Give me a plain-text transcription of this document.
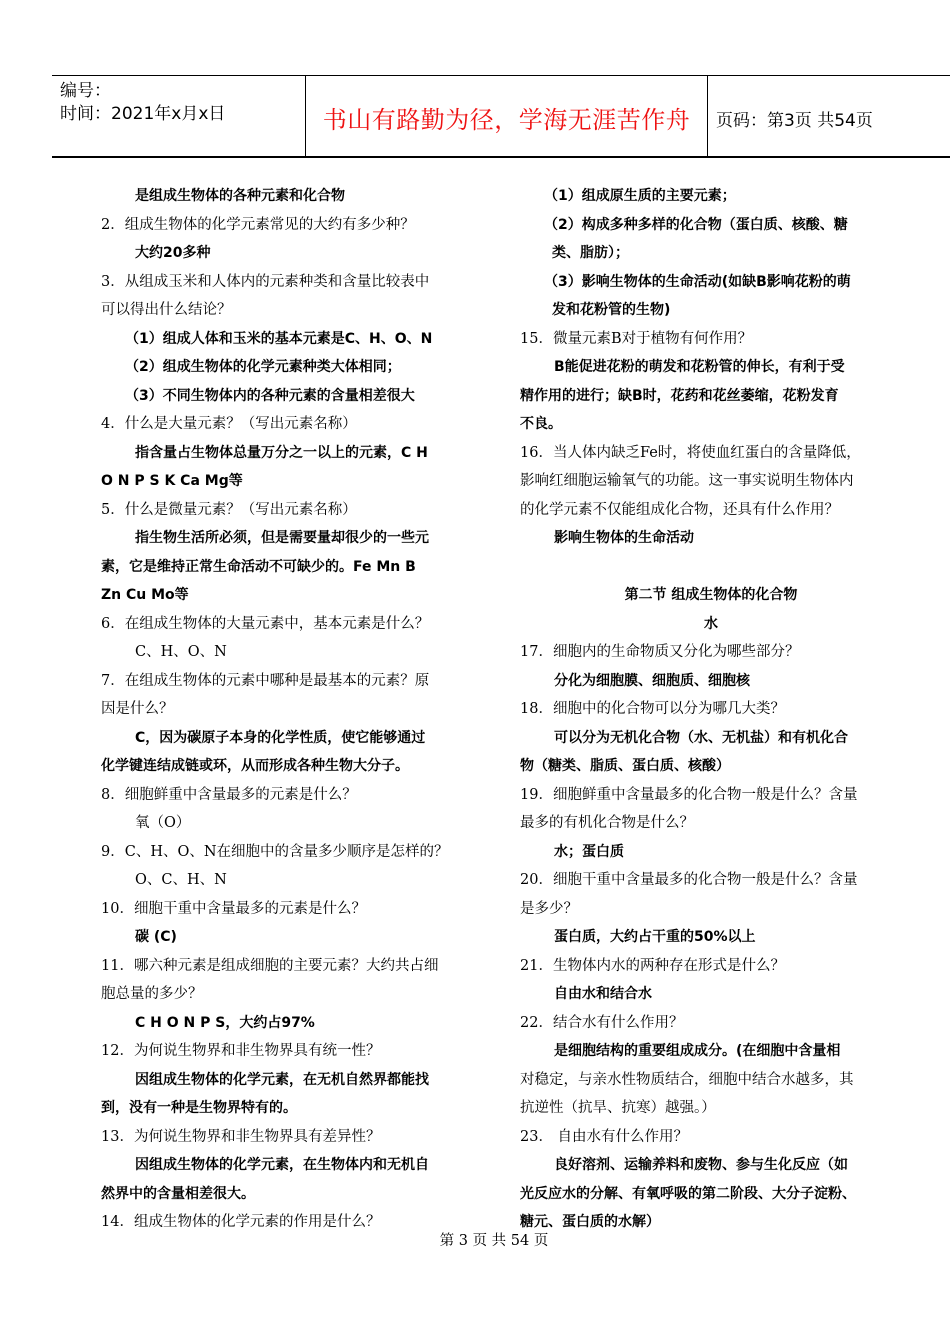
编号：
时间：2021年x月x日	书山有路勤为径，学海无涯苦作舟	页码：第3页 共54页
是组成生物体的各种元素和化合物
2．组成生物体的化学元素常见的大约有多少种？
大约20多种
3．从组成玉米和人体内的元素种类和含量比较表中
可以得出什么结论？
（1）组成人体和玉米的基本元素是C、H、O、N
（2）组成生物体的化学元素种类大体相同；
（3）不同生物体内的各种元素的含量相差很大
4．什么是大量元素？（写出元素名称）
指含量占生物体总量万分之一以上的元素，C H
O N P S K Ca Mg等
5．什么是微量元素？（写出元素名称）
指生物生活所必须，但是需要量却很少的一些元
素，它是维持正常生命活动不可缺少的。Fe Mn B
Zn Cu Mo等
6．在组成生物体的大量元素中，基本元素是什么？
C、H、O、N
7．在组成生物体的元素中哪种是最基本的元素？原
因是什么？
C，因为碳原子本身的化学性质，使它能够通过
化学键连结成链或环，从而形成各种生物大分子。
8．细胞鲜重中含量最多的元素是什么？
氧（O）
9．C、H、O、N在细胞中的含量多少顺序是怎样的？
O、C、H、N
10．细胞干重中含量最多的元素是什么？
碳 (C)
11．哪六种元素是组成细胞的主要元素？大约共占细
胞总量的多少？
C H O N P S，大约占97%
12．为何说生物界和非生物界具有统一性？
因组成生物体的化学元素，在无机自然界都能找
到，没有一种是生物界特有的。
13．为何说生物界和非生物界具有差异性？
因组成生物体的化学元素，在生物体内和无机自
然界中的含量相差很大。
14．组成生物体的化学元素的作用是什么？
（1）组成原生质的主要元素；
（2）构成多种多样的化合物（蛋白质、核酸、糖
类、脂肪）；
（3）影响生物体的生命活动(如缺B影响花粉的萌
发和花粉管的生物)
15．微量元素B对于植物有何作用？
B能促进花粉的萌发和花粉管的伸长，有利于受
精作用的进行；缺B时，花药和花丝萎缩，花粉发育
不良。
16．当人体内缺乏Fe时，将使血红蛋白的含量降低，
影响红细胞运输氧气的功能。这一事实说明生物体内
的化学元素不仅能组成化合物，还具有什么作用？
影响生物体的生命活动
第二节 组成生物体的化合物
水
17．细胞内的生命物质又分化为哪些部分？
分化为细胞膜、细胞质、细胞核
18．细胞中的化合物可以分为哪几大类？
可以分为无机化合物（水、无机盐）和有机化合
物（糖类、脂质、蛋白质、核酸）
19．细胞鲜重中含量最多的化合物一般是什么？含量
最多的有机化合物是什么？
水；蛋白质
20．细胞干重中含量最多的化合物一般是什么？含量
是多少？
蛋白质，大约占干重的50%以上
21．生物体内水的两种存在形式是什么？
自由水和结合水
22．结合水有什么作用？
是细胞结构的重要组成成分。(在细胞中含量相
对稳定，与亲水性物质结合，细胞中结合水越多，其
抗逆性（抗旱、抗寒）越强。）
23． 自由水有什么作用？
良好溶剂、运输养料和废物、参与生化反应（如
光反应水的分解、有氧呼吸的第二阶段、大分子淀粉、
糖元、蛋白质的水解）
第 3 页 共 54 页
